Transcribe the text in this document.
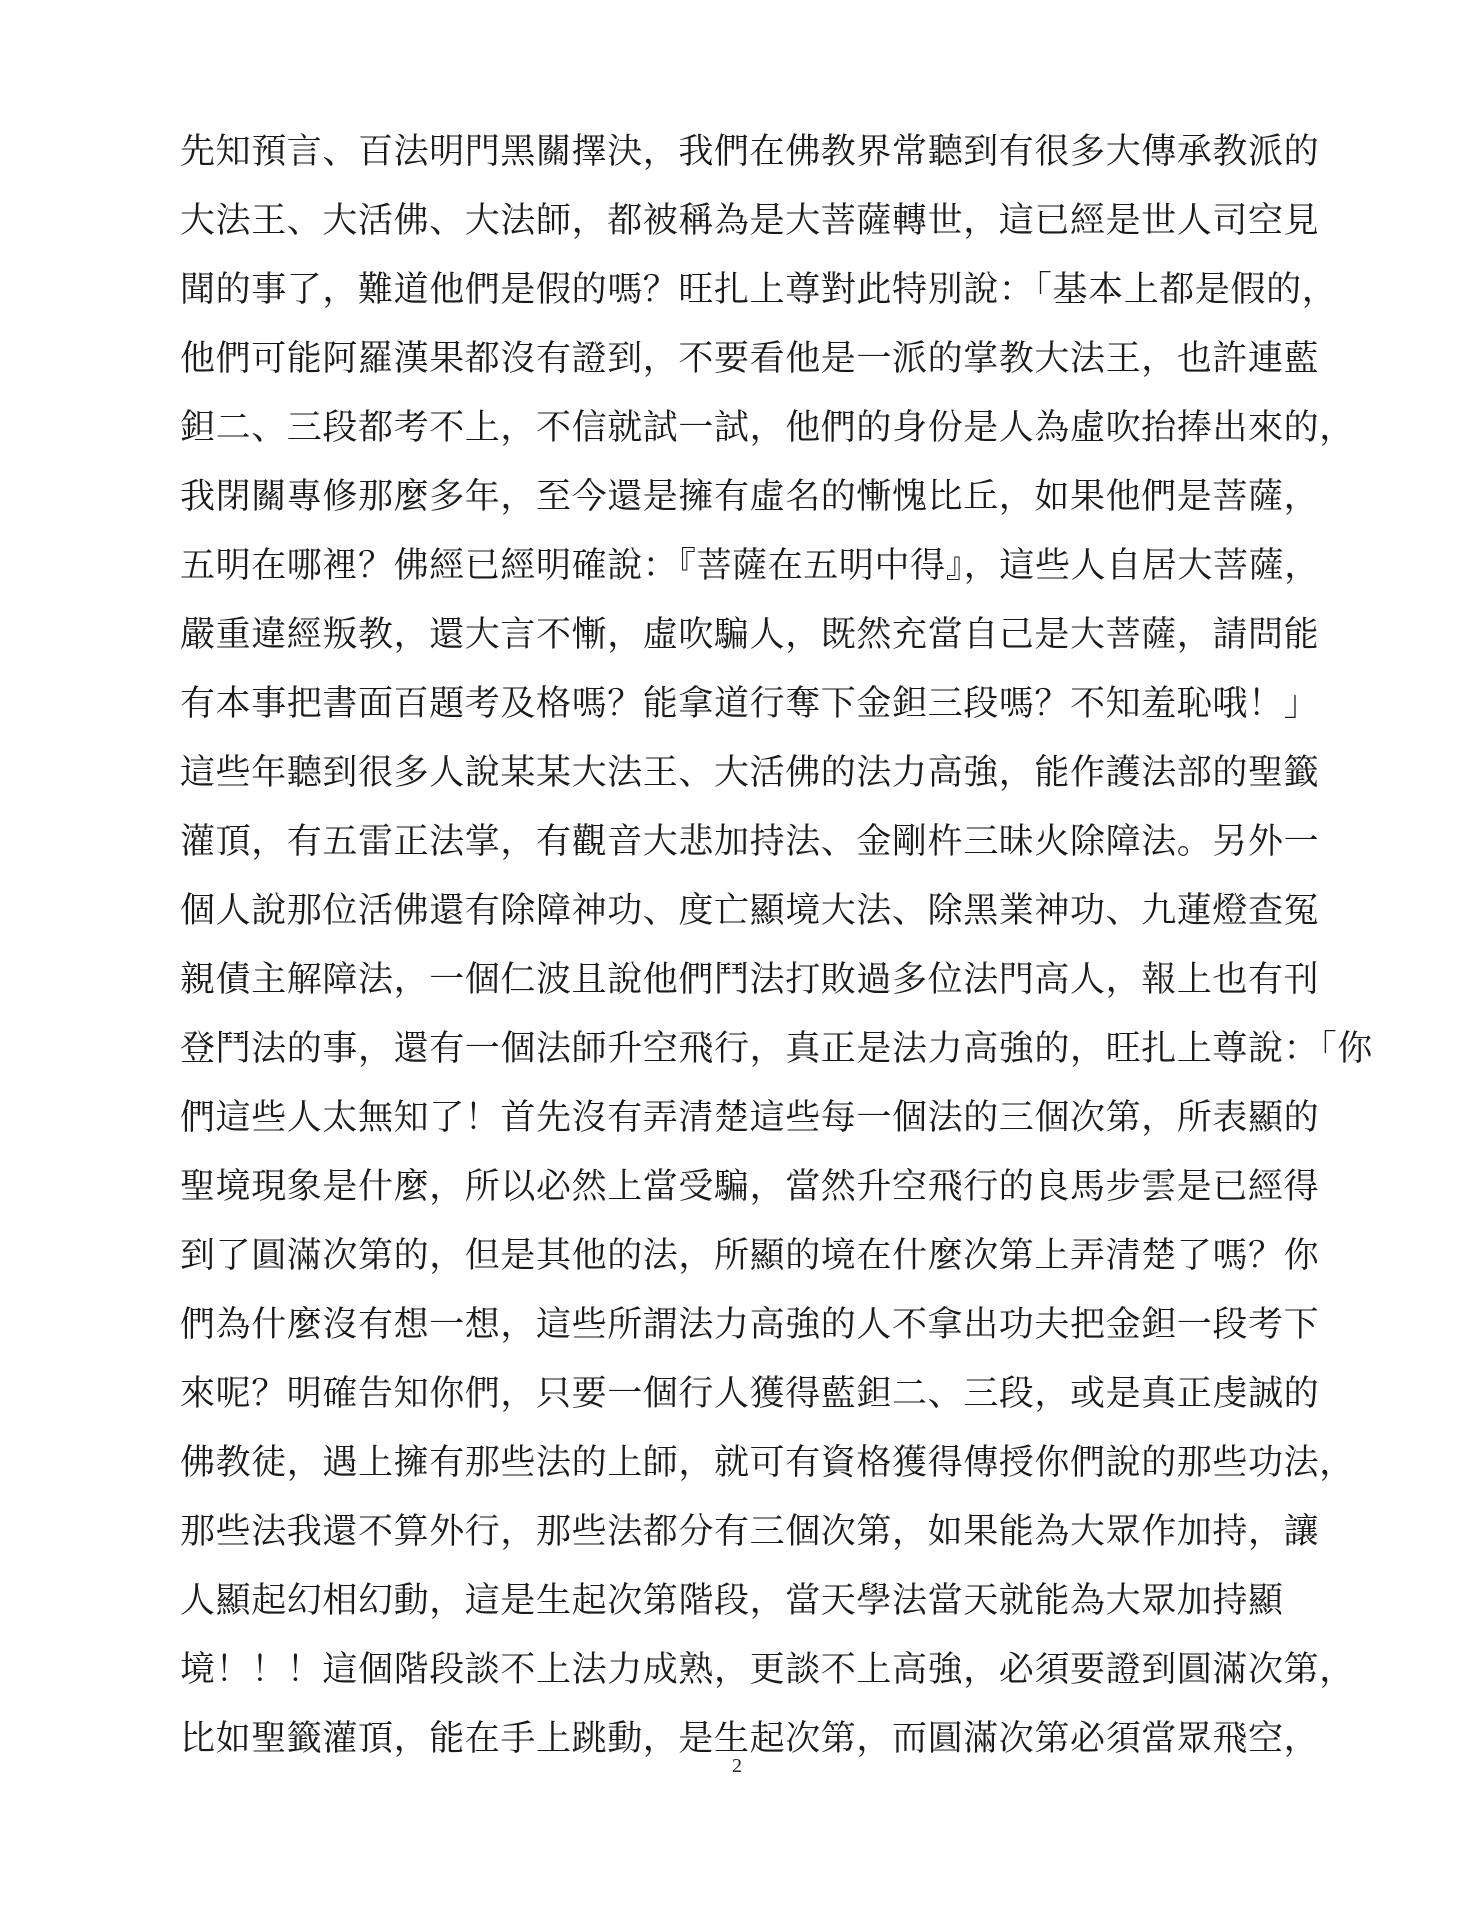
先知預言、百法明門黑關擇決，我們在佛教界常聽到有很多大傳承教派的
大法王、大活佛、大法師，都被稱為是大菩薩轉世，這已經是世人司空見
聞的事了，難道他們是假的嗎？旺扎上尊對此特別說：「基本上都是假的，
他們可能阿羅漢果都沒有證到，不要看他是一派的掌教大法王，也許連藍
鉭二、三段都考不上，不信就試一試，他們的身份是人為虛吹抬捧出來的，
我閉關專修那麼多年，至今還是擁有虛名的慚愧比丘，如果他們是菩薩，
五明在哪裡？佛經已經明確說：『菩薩在五明中得』，這些人自居大菩薩，
嚴重違經叛教，還大言不慚，虛吹騙人，既然充當自己是大菩薩，請問能
有本事把書面百題考及格嗎？能拿道行奪下金鉭三段嗎？不知羞恥哦！」
這些年聽到很多人說某某大法王、大活佛的法力高強，能作護法部的聖籤
灌頂，有五雷正法掌，有觀音大悲加持法、金剛杵三昧火除障法。另外一
個人說那位活佛還有除障神功、度亡顯境大法、除黑業神功、九蓮燈查冤
親債主解障法，一個仁波且說他們鬥法打敗過多位法門高人，報上也有刊
登鬥法的事，還有一個法師升空飛行，真正是法力高強的，旺扎上尊說：「你
們這些人太無知了！首先沒有弄清楚這些每一個法的三個次第，所表顯的
聖境現象是什麼，所以必然上當受騙，當然升空飛行的良馬步雲是已經得
到了圓滿次第的，但是其他的法，所顯的境在什麼次第上弄清楚了嗎？你
們為什麼沒有想一想，這些所謂法力高強的人不拿出功夫把金鉭一段考下
來呢？明確告知你們，只要一個行人獲得藍鉭二、三段，或是真正虔誠的
佛教徒，遇上擁有那些法的上師，就可有資格獲得傳授你們說的那些功法，
那些法我還不算外行，那些法都分有三個次第，如果能為大眾作加持，讓
人顯起幻相幻動，這是生起次第階段，當天學法當天就能為大眾加持顯
境！！！這個階段談不上法力成熟，更談不上高強，必須要證到圓滿次第，
比如聖籤灌頂，能在手上跳動，是生起次第，而圓滿次第必須當眾飛空，
2
